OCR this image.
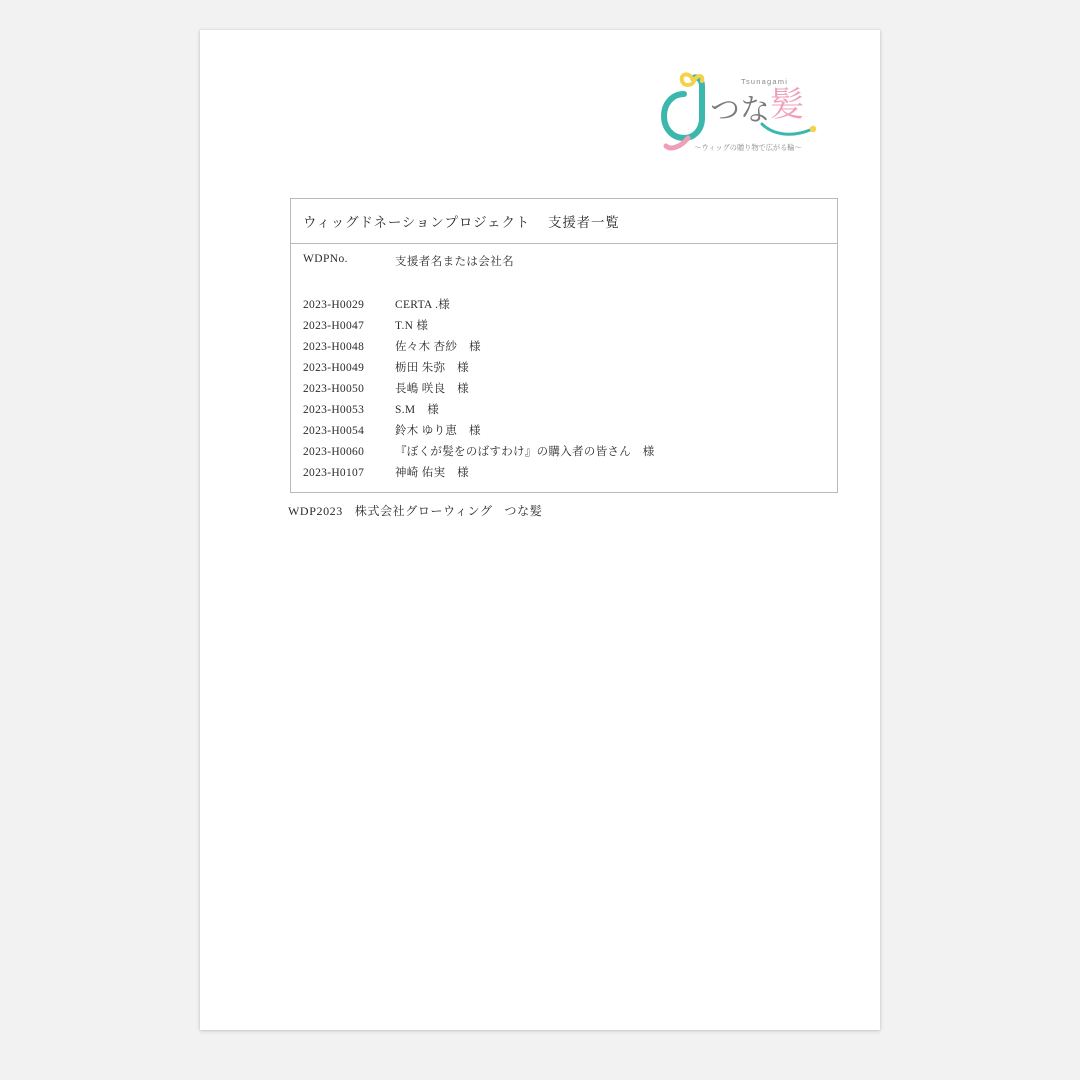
Tsunagami
つな 髪
〜ウィッグの贈り物で広がる輪〜
ウィッグドネーションプロジェクト 支援者一覧

WDPNo.	支援者名または会社名
2023-H0029	CERTA .様
2023-H0047	T.N 様
2023-H0048	佐々木 杏紗　様
2023-H0049	栃田 朱弥　様
2023-H0050	長嶋 咲良　様
2023-H0053	S.M　様
2023-H0054	鈴木 ゆり恵　様
2023-H0060	『ぼくが髪をのばすわけ』の購入者の皆さん　様
2023-H0107	神崎 佑実　様
WDP2023 株式会社グローウィング つな髪
